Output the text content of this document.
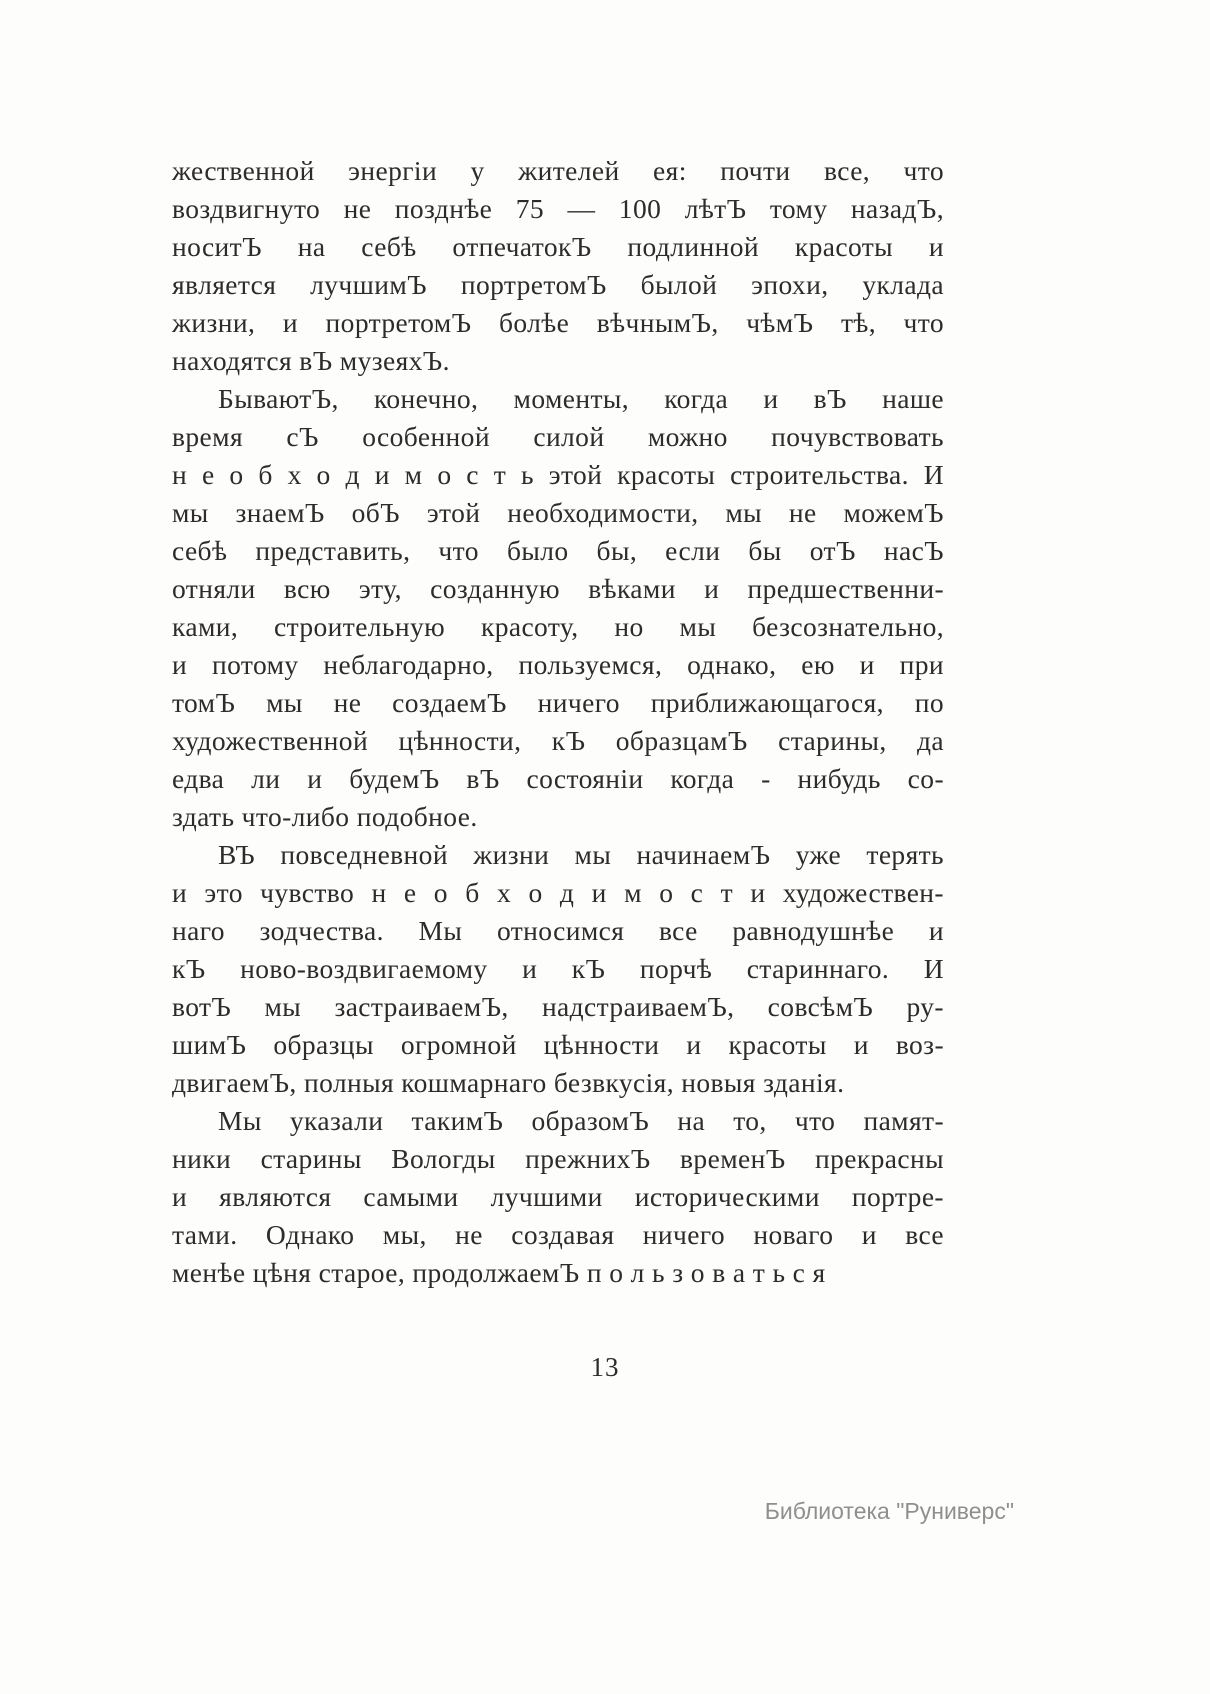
жественной энергіи у жителей ея: почти все, что
воздвигнуто не позднѣе 75 — 100 лѣтЪ тому назадЪ,
носитЪ на себѣ отпечатокЪ подлинной красоты и
является лучшимЪ портретомЪ былой эпохи, уклада
жизни, и портретомЪ болѣе вѣчнымЪ, чѣмЪ тѣ, что
находятся вЪ музеяхЪ.
БываютЪ, конечно, моменты, когда и вЪ наше
время сЪ особенной силой можно почувствовать
н е о б х о д и м о с т ь этой красоты строительства. И
мы знаемЪ обЪ этой необходимости, мы не можемЪ
себѣ представить, что было бы, если бы отЪ насЪ
отняли всю эту, созданную вѣками и предшественни-
ками, строительную красоту, но мы безсознательно,
и потому неблагодарно, пользуемся, однако, ею и при
томЪ мы не создаемЪ ничего приближающагося, по
художественной цѣнности, кЪ образцамЪ старины, да
едва ли и будемЪ вЪ состояніи когда - нибудь со-
здать что-либо подобное.
ВЪ повседневной жизни мы начинаемЪ уже терять
и это чувство н е о б х о д и м о с т и художествен-
наго зодчества. Мы относимся все равнодушнѣе и
кЪ ново-воздвигаемому и кЪ порчѣ стариннаго. И
вотЪ мы застраиваемЪ, надстраиваемЪ, совсѣмЪ ру-
шимЪ образцы огромной цѣнности и красоты и воз-
двигаемЪ, полныя кошмарнаго безвкусія, новыя зданія.
Мы указали такимЪ образомЪ на то, что памят-
ники старины Вологды прежнихЪ временЪ прекрасны
и являются самыми лучшими историческими портре-
тами. Однако мы, не создавая ничего новаго и все
менѣе цѣня старое, продолжаемЪ п о л ь з о в а т ь с я
13
Библиотека "Руниверс"
